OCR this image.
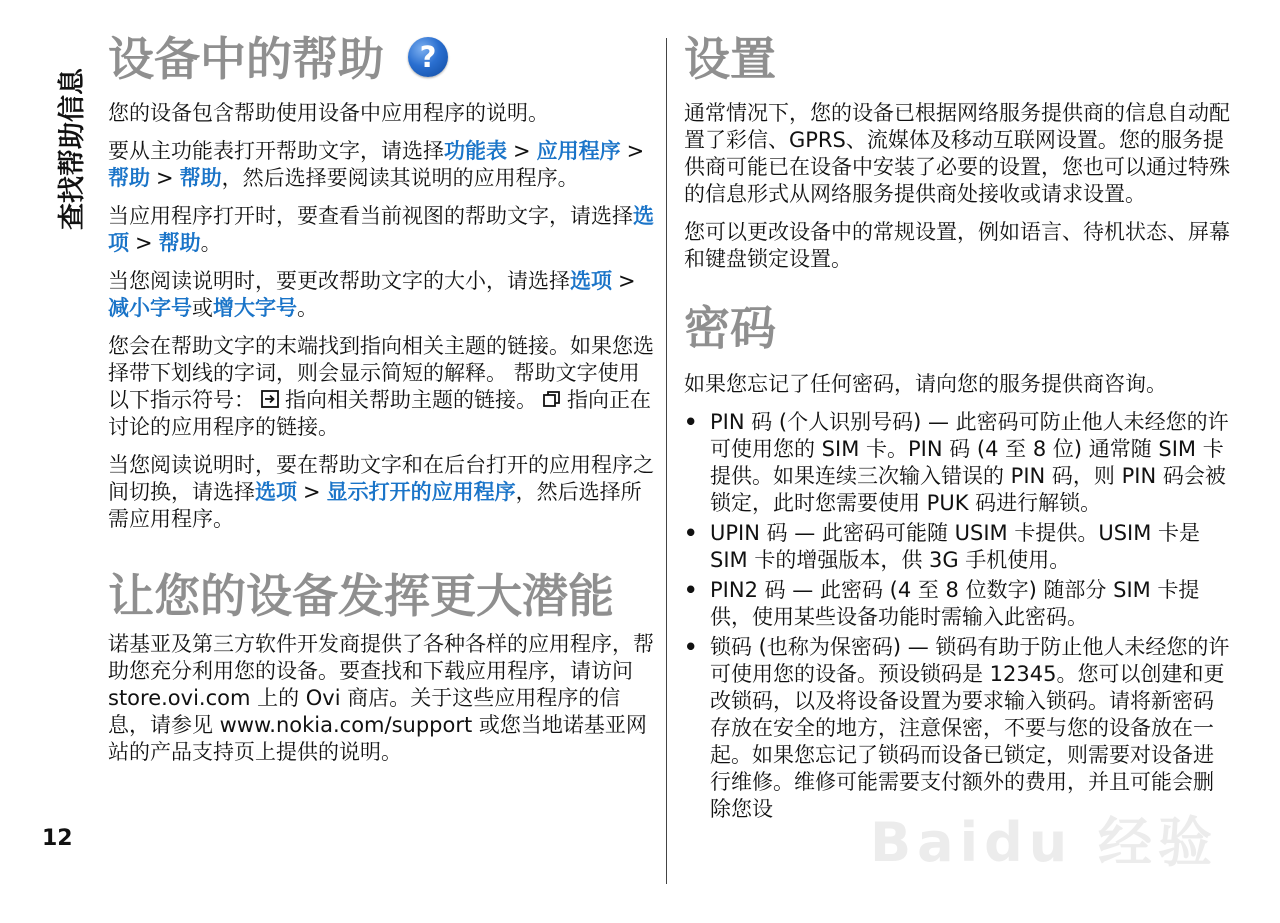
查找帮助信息
12
设备中的帮助 ?

您的设备包含帮助使用设备中应用程序的说明。

要从主功能表打开帮助文字，请选择功能表 > 应用程序 >帮助 > 帮助，然后选择要阅读其说明的应用程序。

当应用程序打开时，要查看当前视图的帮助文字，请选择选项 > 帮助。

当您阅读说明时，要更改帮助文字的大小，请选择选项 >减小字号或增大字号。

您会在帮助文字的末端找到指向相关主题的链接。如果您选择带下划线的字词，则会显示简短的解释。 帮助文字使用以下指示符号： 指向相关帮助主题的链接。 指向正在讨论的应用程序的链接。

当您阅读说明时，要在帮助文字和在后台打开的应用程序之间切换，请选择选项 > 显示打开的应用程序，然后选择所需应用程序。

让您的设备发挥更大潜能

诺基亚及第三方软件开发商提供了各种各样的应用程序，帮助您充分利用您的设备。要查找和下载应用程序，请访问 store.ovi.com 上的 Ovi 商店。关于这些应用程序的信息，请参见 www.nokia.com/support 或您当地诺基亚网站的产品支持页上提供的说明。

设置

通常情况下，您的设备已根据网络服务提供商的信息自动配置了彩信、GPRS、流媒体及移动互联网设置。您的服务提供商可能已在设备中安装了必要的设置，您也可以通过特殊的信息形式从网络服务提供商处接收或请求设置。

您可以更改设备中的常规设置，例如语言、待机状态、屏幕和键盘锁定设置。

密码

如果您忘记了任何密码，请向您的服务提供商咨询。

• PIN 码 (个人识别号码) — 此密码可防止他人未经您的许可使用您的 SIM 卡。PIN 码 (4 至 8 位) 通常随 SIM 卡提供。如果连续三次输入错误的 PIN 码，则 PIN 码会被锁定，此时您需要使用 PUK 码进行解锁。
• UPIN 码 — 此密码可能随 USIM 卡提供。USIM 卡是 SIM 卡的增强版本，供 3G 手机使用。
• PIN2 码 — 此密码 (4 至 8 位数字) 随部分 SIM 卡提供，使用某些设备功能时需输入此密码。
• 锁码 (也称为保密码) — 锁码有助于防止他人未经您的许可使用您的设备。预设锁码是 12345。您可以创建和更改锁码，以及将设备设置为要求输入锁码。请将新密码存放在安全的地方，注意保密，不要与您的设备放在一起。如果您忘记了锁码而设备已锁定，则需要对设备进行维修。维修可能需要支付额外的费用，并且可能会删除您设
Baidu 经验
